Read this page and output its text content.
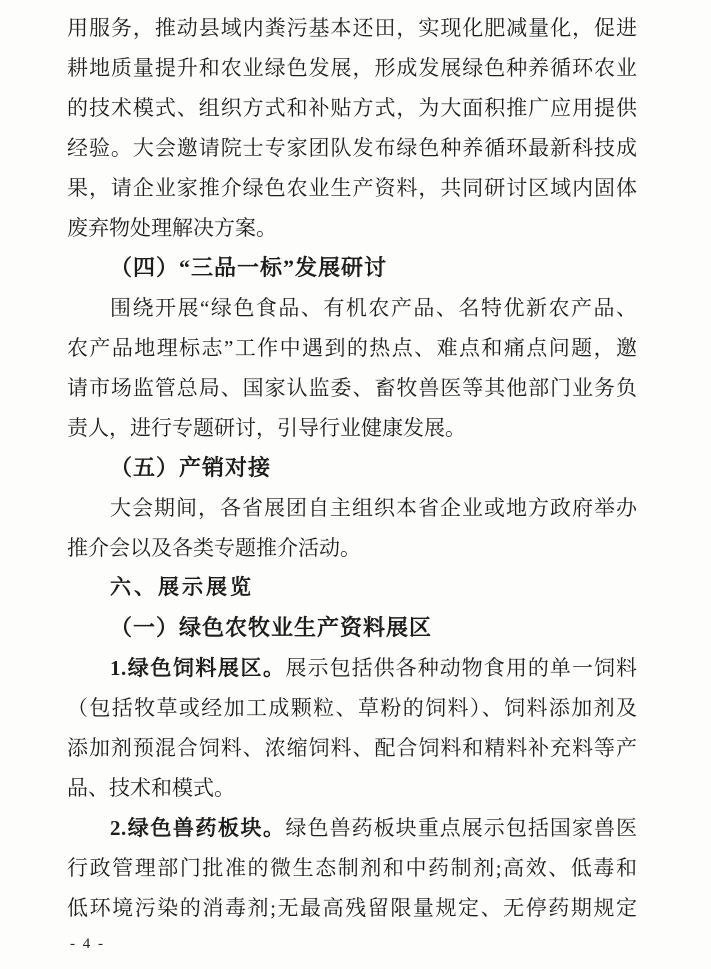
用服务，推动县域内粪污基本还田，实现化肥减量化，促进
耕地质量提升和农业绿色发展，形成发展绿色种养循环农业
的技术模式、组织方式和补贴方式，为大面积推广应用提供
经验。大会邀请院士专家团队发布绿色种养循环最新科技成
果，请企业家推介绿色农业生产资料，共同研讨区域内固体
废弃物处理解决方案。
（四）“三品一标”发展研讨
围绕开展“绿色食品、有机农产品、名特优新农产品、
农产品地理标志”工作中遇到的热点、难点和痛点问题，邀
请市场监管总局、国家认监委、畜牧兽医等其他部门业务负
责人，进行专题研讨，引导行业健康发展。
（五）产销对接
大会期间，各省展团自主组织本省企业或地方政府举办
推介会以及各类专题推介活动。
六、展示展览
（一）绿色农牧业生产资料展区
1.绿色饲料展区。展示包括供各种动物食用的单一饲料
（包括牧草或经加工成颗粒、草粉的饲料）、饲料添加剂及
添加剂预混合饲料、浓缩饲料、配合饲料和精料补充料等产
品、技术和模式。
2.绿色兽药板块。绿色兽药板块重点展示包括国家兽医
行政管理部门批准的微生态制剂和中药制剂;高效、低毒和
低环境污染的消毒剂;无最高残留限量规定、无停药期规定
- 4 -
